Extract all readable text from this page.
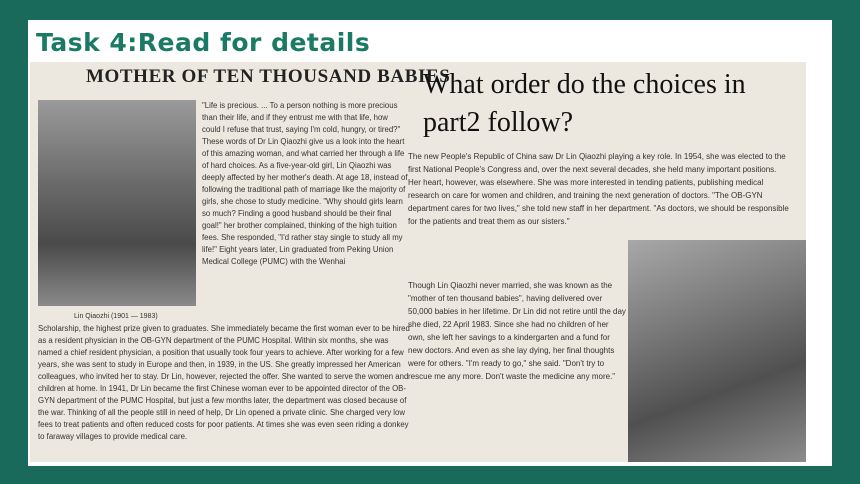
Task 4:Read for details
MOTHER OF TEN THOUSAND BABIES
Lin Qiaozhi (1901 — 1983)
"Life is precious. ... To a person nothing is more precious than their life, and if they entrust me with that life, how could I refuse that trust, saying I'm cold, hungry, or tired?" These words of Dr Lin Qiaozhi give us a look into the heart of this amazing woman, and what carried her through a life of hard choices. As a five-year-old girl, Lin Qiaozhi was deeply affected by her mother's death. At age 18, instead of following the traditional path of marriage like the majority of girls, she chose to study medicine. "Why should girls learn so much? Finding a good husband should be their final goal!" her brother complained, thinking of the high tuition fees. She responded, "I'd rather stay single to study all my life!" Eight years later, Lin graduated from Peking Union Medical College (PUMC) with the Wenhai
Scholarship, the highest prize given to graduates. She immediately became the first woman ever to be hired as a resident physician in the OB-GYN department of the PUMC Hospital. Within six months, she was named a chief resident physician, a position that usually took four years to achieve. After working for a few years, she was sent to study in Europe and then, in 1939, in the US. She greatly impressed her American colleagues, who invited her to stay. Dr Lin, however, rejected the offer. She wanted to serve the women and children at home. In 1941, Dr Lin became the first Chinese woman ever to be appointed director of the OB-GYN department of the PUMC Hospital, but just a few months later, the department was closed because of the war. Thinking of all the people still in need of help, Dr Lin opened a private clinic. She charged very low fees to treat patients and often reduced costs for poor patients. At times she was even seen riding a donkey to faraway villages to provide medical care.
The new People's Republic of China saw Dr Lin Qiaozhi playing a key role. In 1954, she was elected to the first National People's Congress and, over the next several decades, she held many important positions. Her heart, however, was elsewhere. She was more interested in tending patients, publishing medical research on care for women and children, and training the next generation of doctors. "The OB-GYN department cares for two lives," she told new staff in her department. "As doctors, we should be responsible for the patients and treat them as our sisters."
Though Lin Qiaozhi never married, she was known as the "mother of ten thousand babies", having delivered over 50,000 babies in her lifetime. Dr Lin did not retire until the day she died, 22 April 1983. Since she had no children of her own, she left her savings to a kindergarten and a fund for new doctors. And even as she lay dying, her final thoughts were for others. "I'm ready to go," she said. "Don't try to rescue me any more. Don't waste the medicine any more."
What order do the choices in part2 follow?
